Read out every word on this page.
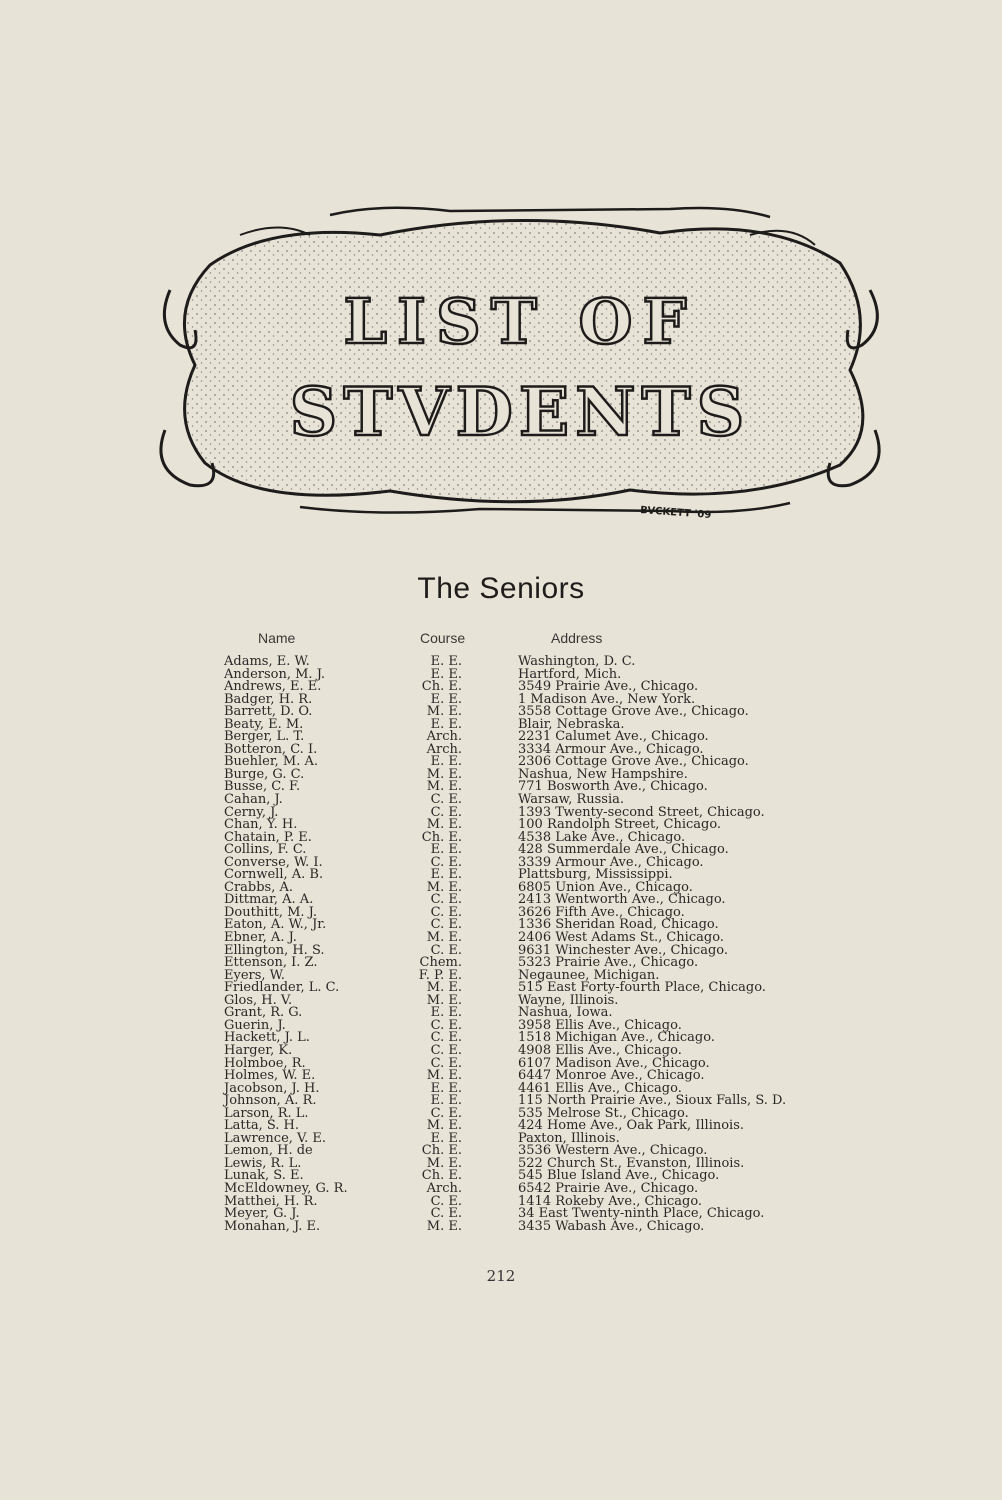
LIST OF
STVDENTS
BVCKETT '09
The Seniors
Name	Course	Address
Adams, E. W.	E. E.	Washington, D. C.
Anderson, M. J.	E. E.	Hartford, Mich.
Andrews, E. E.	Ch. E.	3549 Prairie Ave., Chicago.
Badger, H. R.	E. E.	1 Madison Ave., New York.
Barrett, D. O.	M. E.	3558 Cottage Grove Ave., Chicago.
Beaty, E. M.	E. E.	Blair, Nebraska.
Berger, L. T.	Arch.	2231 Calumet Ave., Chicago.
Botteron, C. I.	Arch.	3334 Armour Ave., Chicago.
Buehler, M. A.	E. E.	2306 Cottage Grove Ave., Chicago.
Burge, G. C.	M. E.	Nashua, New Hampshire.
Busse, C. F.	M. E.	771 Bosworth Ave., Chicago.
Cahan, J.	C. E.	Warsaw, Russia.
Cerny, J.	C. E.	1393 Twenty-second Street, Chicago.
Chan, Y. H.	M. E.	100 Randolph Street, Chicago.
Chatain, P. E.	Ch. E.	4538 Lake Ave., Chicago.
Collins, F. C.	E. E.	428 Summerdale Ave., Chicago.
Converse, W. I.	C. E.	3339 Armour Ave., Chicago.
Cornwell, A. B.	E. E.	Plattsburg, Mississippi.
Crabbs, A.	M. E.	6805 Union Ave., Chicago.
Dittmar, A. A.	C. E.	2413 Wentworth Ave., Chicago.
Douthitt, M. J.	C. E.	3626 Fifth Ave., Chicago.
Eaton, A. W., Jr.	C. E.	1336 Sheridan Road, Chicago.
Ebner, A. J.	M. E.	2406 West Adams St., Chicago.
Ellington, H. S.	C. E.	9631 Winchester Ave., Chicago.
Ettenson, I. Z.	Chem.	5323 Prairie Ave., Chicago.
Eyers, W.	F. P. E.	Negaunee, Michigan.
Friedlander, L. C.	M. E.	515 East Forty-fourth Place, Chicago.
Glos, H. V.	M. E.	Wayne, Illinois.
Grant, R. G.	E. E.	Nashua, Iowa.
Guerin, J.	C. E.	3958 Ellis Ave., Chicago.
Hackett, J. L.	C. E.	1518 Michigan Ave., Chicago.
Harger, K.	C. E.	4908 Ellis Ave., Chicago.
Holmboe, R.	C. E.	6107 Madison Ave., Chicago.
Holmes, W. E.	M. E.	6447 Monroe Ave., Chicago.
Jacobson, J. H.	E. E.	4461 Ellis Ave., Chicago.
Johnson, A. R.	E. E.	115 North Prairie Ave., Sioux Falls, S. D.
Larson, R. L.	C. E.	535 Melrose St., Chicago.
Latta, S. H.	M. E.	424 Home Ave., Oak Park, Illinois.
Lawrence, V. E.	E. E.	Paxton, Illinois.
Lemon, H. de	Ch. E.	3536 Western Ave., Chicago.
Lewis, R. L.	M. E.	522 Church St., Evanston, Illinois.
Lunak, S. E.	Ch. E.	545 Blue Island Ave., Chicago.
McEldowney, G. R.	Arch.	6542 Prairie Ave., Chicago.
Matthei, H. R.	C. E.	1414 Rokeby Ave., Chicago.
Meyer, G. J.	C. E.	34 East Twenty-ninth Place, Chicago.
Monahan, J. E.	M. E.	3435 Wabash Ave., Chicago.
212
